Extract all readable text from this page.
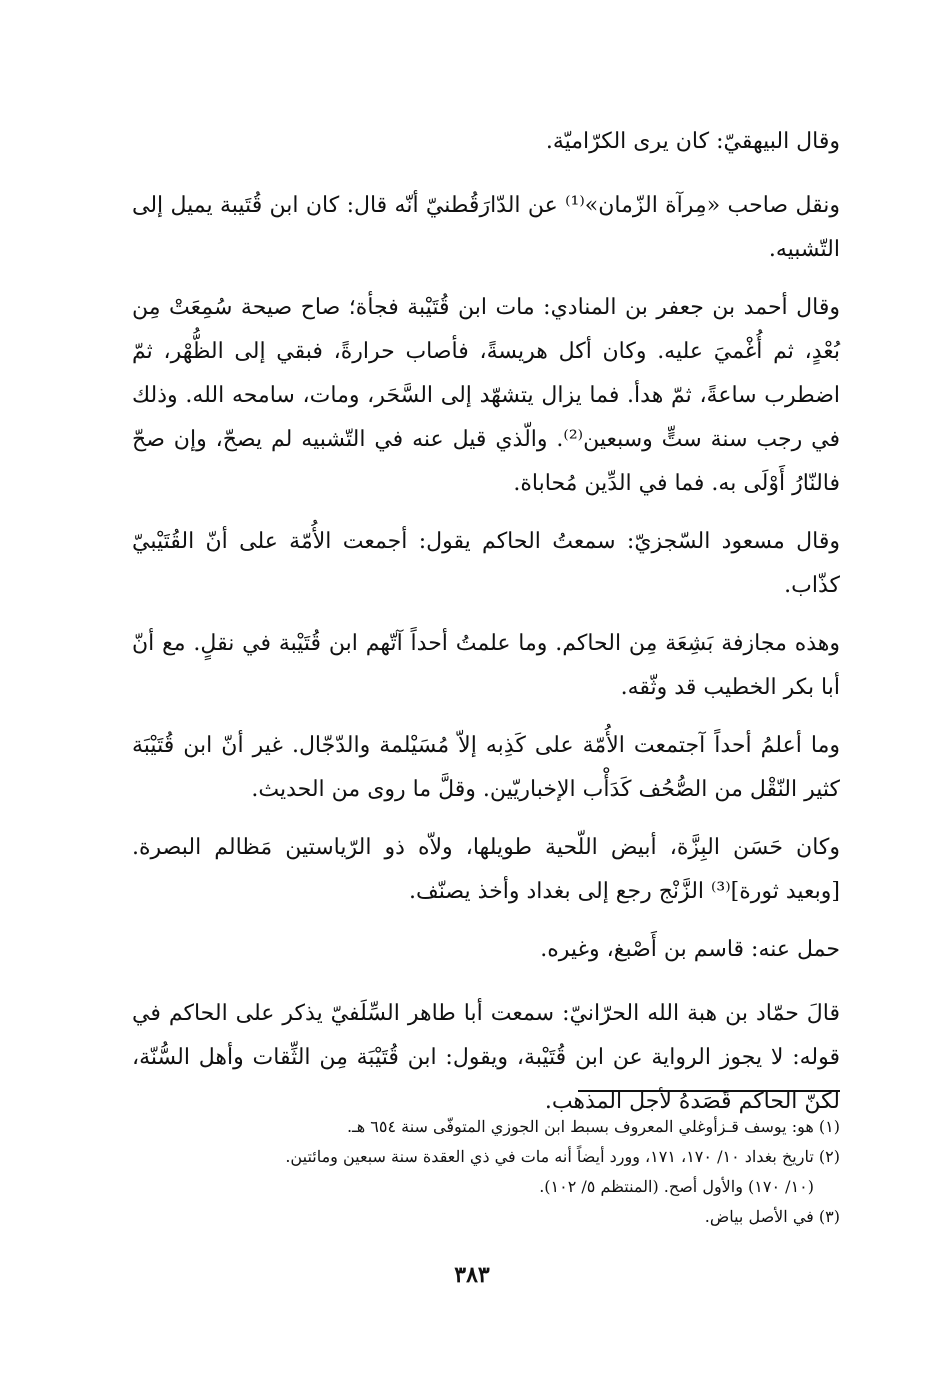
وقال البيهقيّ: كان يرى الكرّاميّة.

ونقل صاحب «مِرآة الزّمان»⁽¹⁾ عن الدّارَقُطنيّ أنّه قال: كان ابن قُتَيبة يميل إلى التّشبيه.

وقال أحمد بن جعفر بن المنادي: مات ابن قُتَيْبة فجأة؛ صاح صيحة سُمِعَتْ مِن بُعْدٍ، ثم أُغْميَ عليه. وكان أكل هريسةً، فأصاب حرارةً، فبقي إلى الظُّهْر، ثمّ اضطرب ساعةً، ثمّ هدأ. فما يزال يتشهّد إلى السَّحَر، ومات، سامحه الله. وذلك في رجب سنة ستٍّ وسبعين⁽²⁾. والّذي قيل عنه في التّشبيه لم يصحّ، وإن صحّ فالنّارُ أَوْلَى به. فما في الدِّين مُحاباة.

وقال مسعود السّجزيّ: سمعتُ الحاكم يقول: أجمعت الأُمّة على أنّ القُتَيْبيّ كذّاب.

وهذه مجازفة بَشِعَة مِن الحاكم. وما علمتُ أحداً آتّهم ابن قُتَيْبة في نقلٍ. مع أنّ أبا بكر الخطيب قد وثّقه.

وما أعلمُ أحداً آجتمعت الأُمّة على كَذِبه إلاّ مُسَيْلمة والدّجّال. غير أنّ ابن قُتَيْبَة كثير النّقْل من الصُّحُف كَدَأْب الإخباريّين. وقلَّ ما روى من الحديث.

وكان حَسَن البِزَّة، أبيض اللّحية طويلها، ولاّه ذو الرّياستين مَظالم البصرة. [وبعيد ثورة]⁽³⁾ الزَّنْج رجع إلى بغداد وأخذ يصنّف.

حمل عنه: قاسم بن أَصْبغ، وغيره.

قالَ حمّاد بن هبة الله الحرّانيّ: سمعت أبا طاهر السِّلَفيّ يذكر على الحاكم في قوله: لا يجوز الرواية عن ابن قُتَيْبة، ويقول: ابن قُتَيْبَة مِن الثِّقات وأهل السُّنّة، لكنّ الحاكم قَصَدهُ لأجل المذهب.

(١) هو: يوسف قـزأوغلي المعروف بسبط ابن الجوزي المتوفّى سنة ٦٥٤ هـ.

(٢) تاريخ بغداد ١٠/ ١٧٠، ١٧١، وورد أيضاً أنه مات في ذي العقدة سنة سبعين ومائتين.

(١٠/ ١٧٠) والأول أصح. (المنتظم ٥/ ١٠٢).

(٣) في الأصل بياض.

٣٨٣
